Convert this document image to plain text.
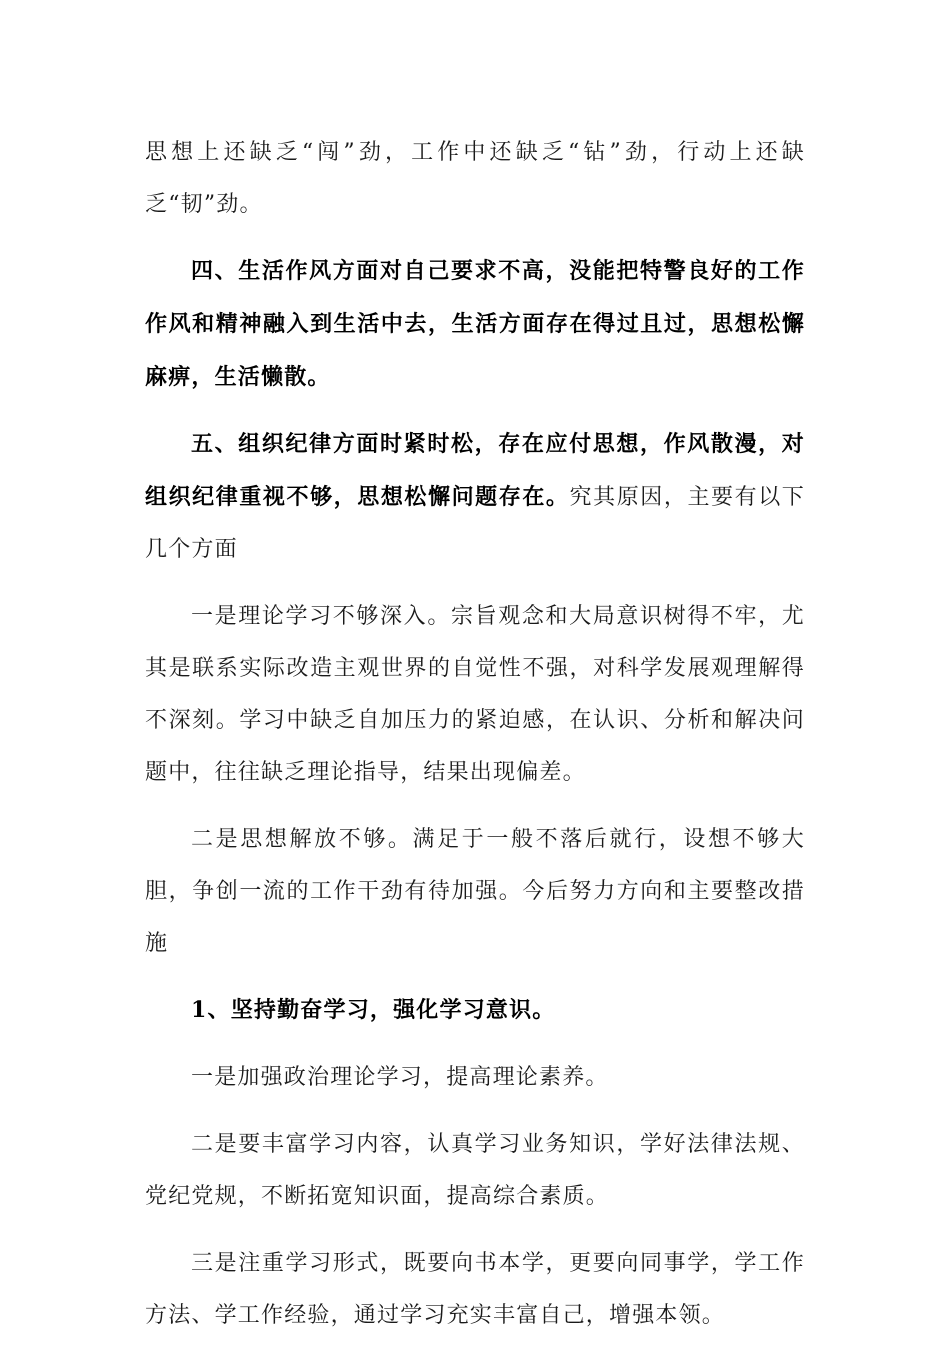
思想上还缺乏“闯”劲，工作中还缺乏“钻”劲，行动上还缺乏“韧”劲。

四、生活作风方面对自己要求不高，没能把特警良好的工作作风和精神融入到生活中去，生活方面存在得过且过，思想松懈麻痹，生活懒散。

五、组织纪律方面时紧时松，存在应付思想，作风散漫，对组织纪律重视不够，思想松懈问题存在。究其原因，主要有以下几个方面

一是理论学习不够深入。宗旨观念和大局意识树得不牢，尤其是联系实际改造主观世界的自觉性不强，对科学发展观理解得不深刻。学习中缺乏自加压力的紧迫感，在认识、分析和解决问题中，往往缺乏理论指导，结果出现偏差。

二是思想解放不够。满足于一般不落后就行，设想不够大胆，争创一流的工作干劲有待加强。今后努力方向和主要整改措施

1、坚持勤奋学习，强化学习意识。

一是加强政治理论学习，提高理论素养。

二是要丰富学习内容，认真学习业务知识，学好法律法规、党纪党规，不断拓宽知识面，提高综合素质。

三是注重学习形式，既要向书本学，更要向同事学，学工作方法、学工作经验，通过学习充实丰富自己，增强本领。
